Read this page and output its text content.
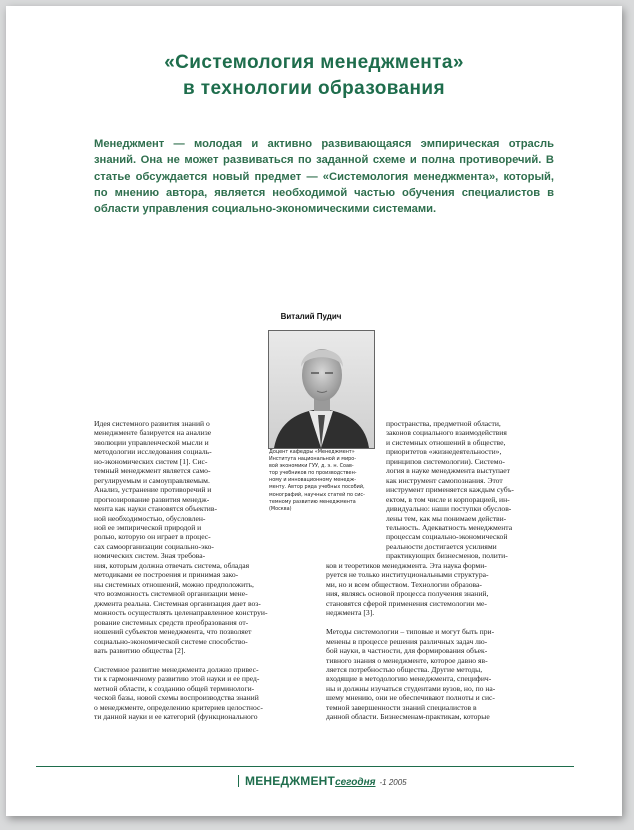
«Системология менеджмента»
в технологии образования
Менеджмент — молодая и активно развивающаяся эмпирическая отрасль знаний. Она не может развиваться по заданной схеме и полна противоречий. В статье обсуждается новый предмет — «Системология менеджмента», который, по мнению автора, является необходимой частью обучения специалистов в области управления социально-экономическими системами.
Виталий Пудич
Доцент кафедры «Менеджмент»
Института национальной и миро-
вой экономики ГУУ, д. э. н. Соав-
тор учебников по производствен-
ному и инновационному менедж-
менту. Автор ряда учебных пособий,
монографий, научных статей по сис-
темному развитию менеджмента
(Москва)
Идея системного развития знаний о
менеджменте базируется на анализе
эволюции управленческой мысли и
методологии исследования социаль-
но-экономических систем [1]. Сис-
темный менеджмент является само-
регулируемым и самоуправляемым.
Анализ, устранение противоречий и
прогнозирование развития менедж-
мента как науки становятся объектив-
ной необходимостью, обусловлен-
ной ее эмпирической природой и
ролью, которую он играет в процес-
сах самоорганизации социально-эко-
номических систем. Зная требова-
ния, которым должна отвечать система, обладая
методиками ее построения и принимая зако-
ны системных отношений, можно предположить,
что возможность системной организации мене-
джмента реальна. Системная организация дает воз-
можность осуществлять целенаправленное конструи-
рование системных средств преобразования от-
ношений субъектов менеджмента, что позволяет
социально-экономической системе способство-
вать развитию общества [2].
Системное развитие менеджмента должно привес-
ти к гармоничному развитию этой науки и ее пред-
метной области, к созданию общей терминологи-
ческой базы, новой схемы воспроизводства знаний
о менеджменте, определению критериев целостнос-
ти данной науки и ее категорий (функционального
пространства, предметной области,
законов социального взаимодействия
и системных отношений в обществе,
приоритетов «жизнедеятельности»,
принципов системологии). Системо-
логия в науке менеджмента выступает
как инструмент самопознания. Этот
инструмент применяется каждым субъ-
ектом, в том числе и корпорацией, ин-
дивидуально: наши поступки обуслов-
лены тем, как мы понимаем действи-
тельность. Адекватность менеджмента
процессам социально-экономической
реальности достигается усилиями
практикующих бизнесменов, полити-
ков и теоретиков менеджмента. Эта наука форми-
руется не только институциональными структура-
ми, но и всем обществом. Технологии образова-
ния, являясь основой процесса получения знаний,
становятся сферой применения системологии ме-
неджмента [3].
Методы системологии – типовые и могут быть при-
менены в процессе решения различных задач лю-
бой науки, в частности, для формирования объек-
тивного знания о менеджменте, которое давно яв-
ляется потребностью общества. Другие методы,
входящие в методологию менеджмента, специфич-
ны и должны изучаться студентами вузов, но, по на-
шему мнению, они не обеспечивают полноты и сис-
темной завершенности знаний специалистов в
данной области. Бизнесменам-практикам, которые
МЕНЕДЖМЕНТсегодня -1 2005
